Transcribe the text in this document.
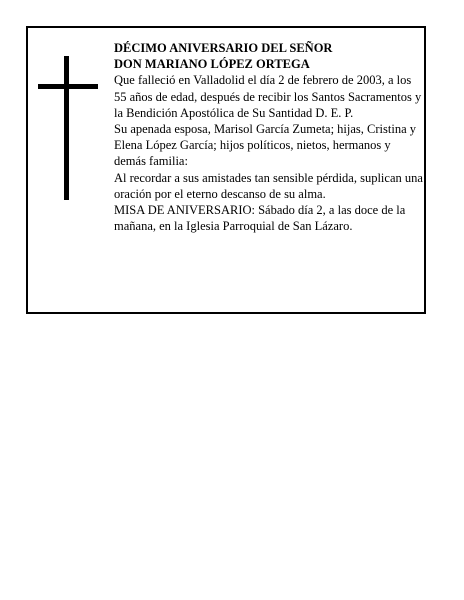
DÉCIMO ANIVERSARIO DEL SEÑOR

DON MARIANO LÓPEZ ORTEGA

Que falleció en Valladolid el día 2 de febrero de 2003, a los 55 años de edad, después de recibir los Santos Sacramentos y la Bendición Apostólica de Su Santidad D. E. P.

Su apenada esposa, Marisol García Zumeta; hijas, Cristina y Elena López García; hijos políticos, nietos, hermanos y demás familia:

Al recordar a sus amistades tan sensible pérdida, suplican una oración por el eterno descanso de su alma.

MISA DE ANIVERSARIO: Sábado día 2, a las doce de la mañana, en la Iglesia Parroquial de San Lázaro.
